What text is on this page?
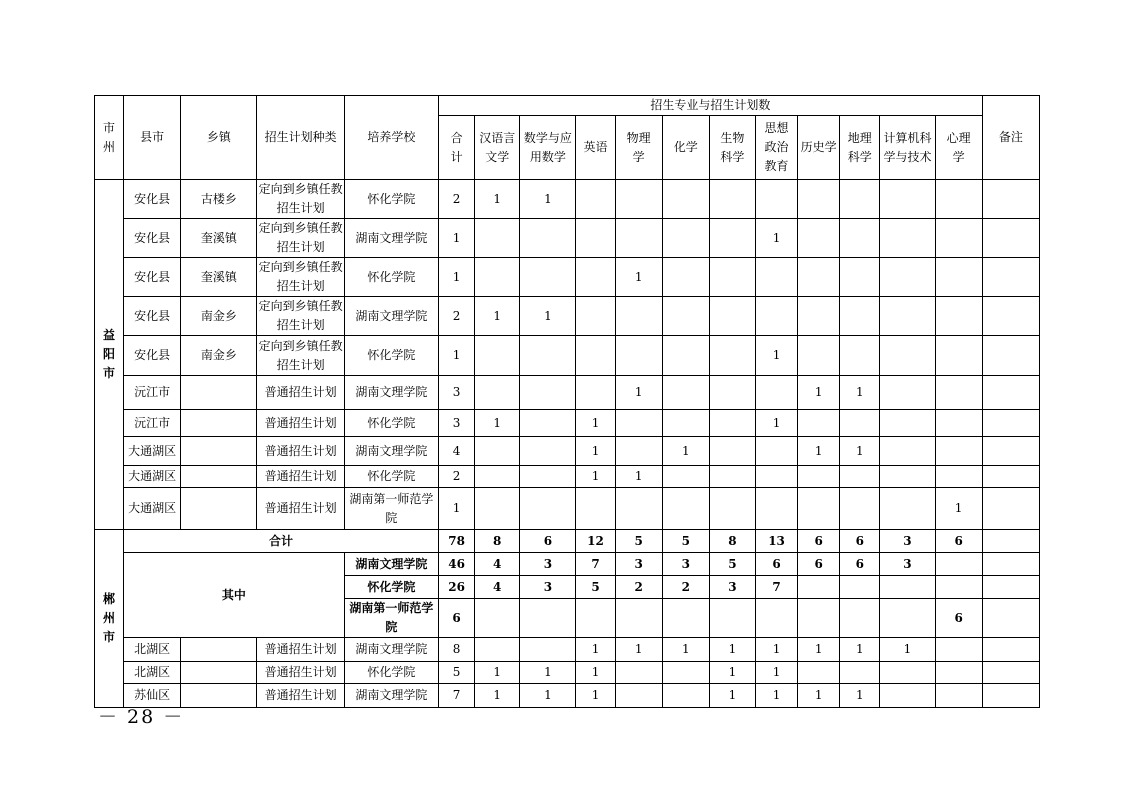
市州	县市	乡镇	招生计划种类	培养学校	招生专业与招生计划数												备注
					合计	汉语言文学	数学与应用数学	英语	物理学	化学	生物科学	思想政治教育	历史学	地理科学	计算机科学与技术	心理学	
益阳市	安化县	古楼乡	定向到乡镇任教招生计划	怀化学院	2	1	1										
	安化县	奎溪镇	定向到乡镇任教招生计划	湖南文理学院	1							1					
	安化县	奎溪镇	定向到乡镇任教招生计划	怀化学院	1				1								
	安化县	南金乡	定向到乡镇任教招生计划	湖南文理学院	2	1	1										
	安化县	南金乡	定向到乡镇任教招生计划	怀化学院	1							1					
	沅江市		普通招生计划	湖南文理学院	3				1				1	1			
	沅江市		普通招生计划	怀化学院	3	1		1				1					
	大通湖区		普通招生计划	湖南文理学院	4			1		1			1	1			
	大通湖区		普通招生计划	怀化学院	2			1	1								
	大通湖区		普通招生计划	湖南第一师范学院	1											1	
郴州市	合计				78	8	6	12	5	5	8	13	6	6	3	6	
	其中			湖南文理学院	46	4	3	7	3	3	5	6	6	6	3		
				怀化学院	26	4	3	5	2	2	3	7					
				湖南第一师范学院	6											6	
	北湖区		普通招生计划	湖南文理学院	8			1	1	1	1	1	1	1	1		
	北湖区		普通招生计划	怀化学院	5	1	1	1			1	1					
	苏仙区		普通招生计划	湖南文理学院	7	1	1	1			1	1	1	1			
－ 28 －
